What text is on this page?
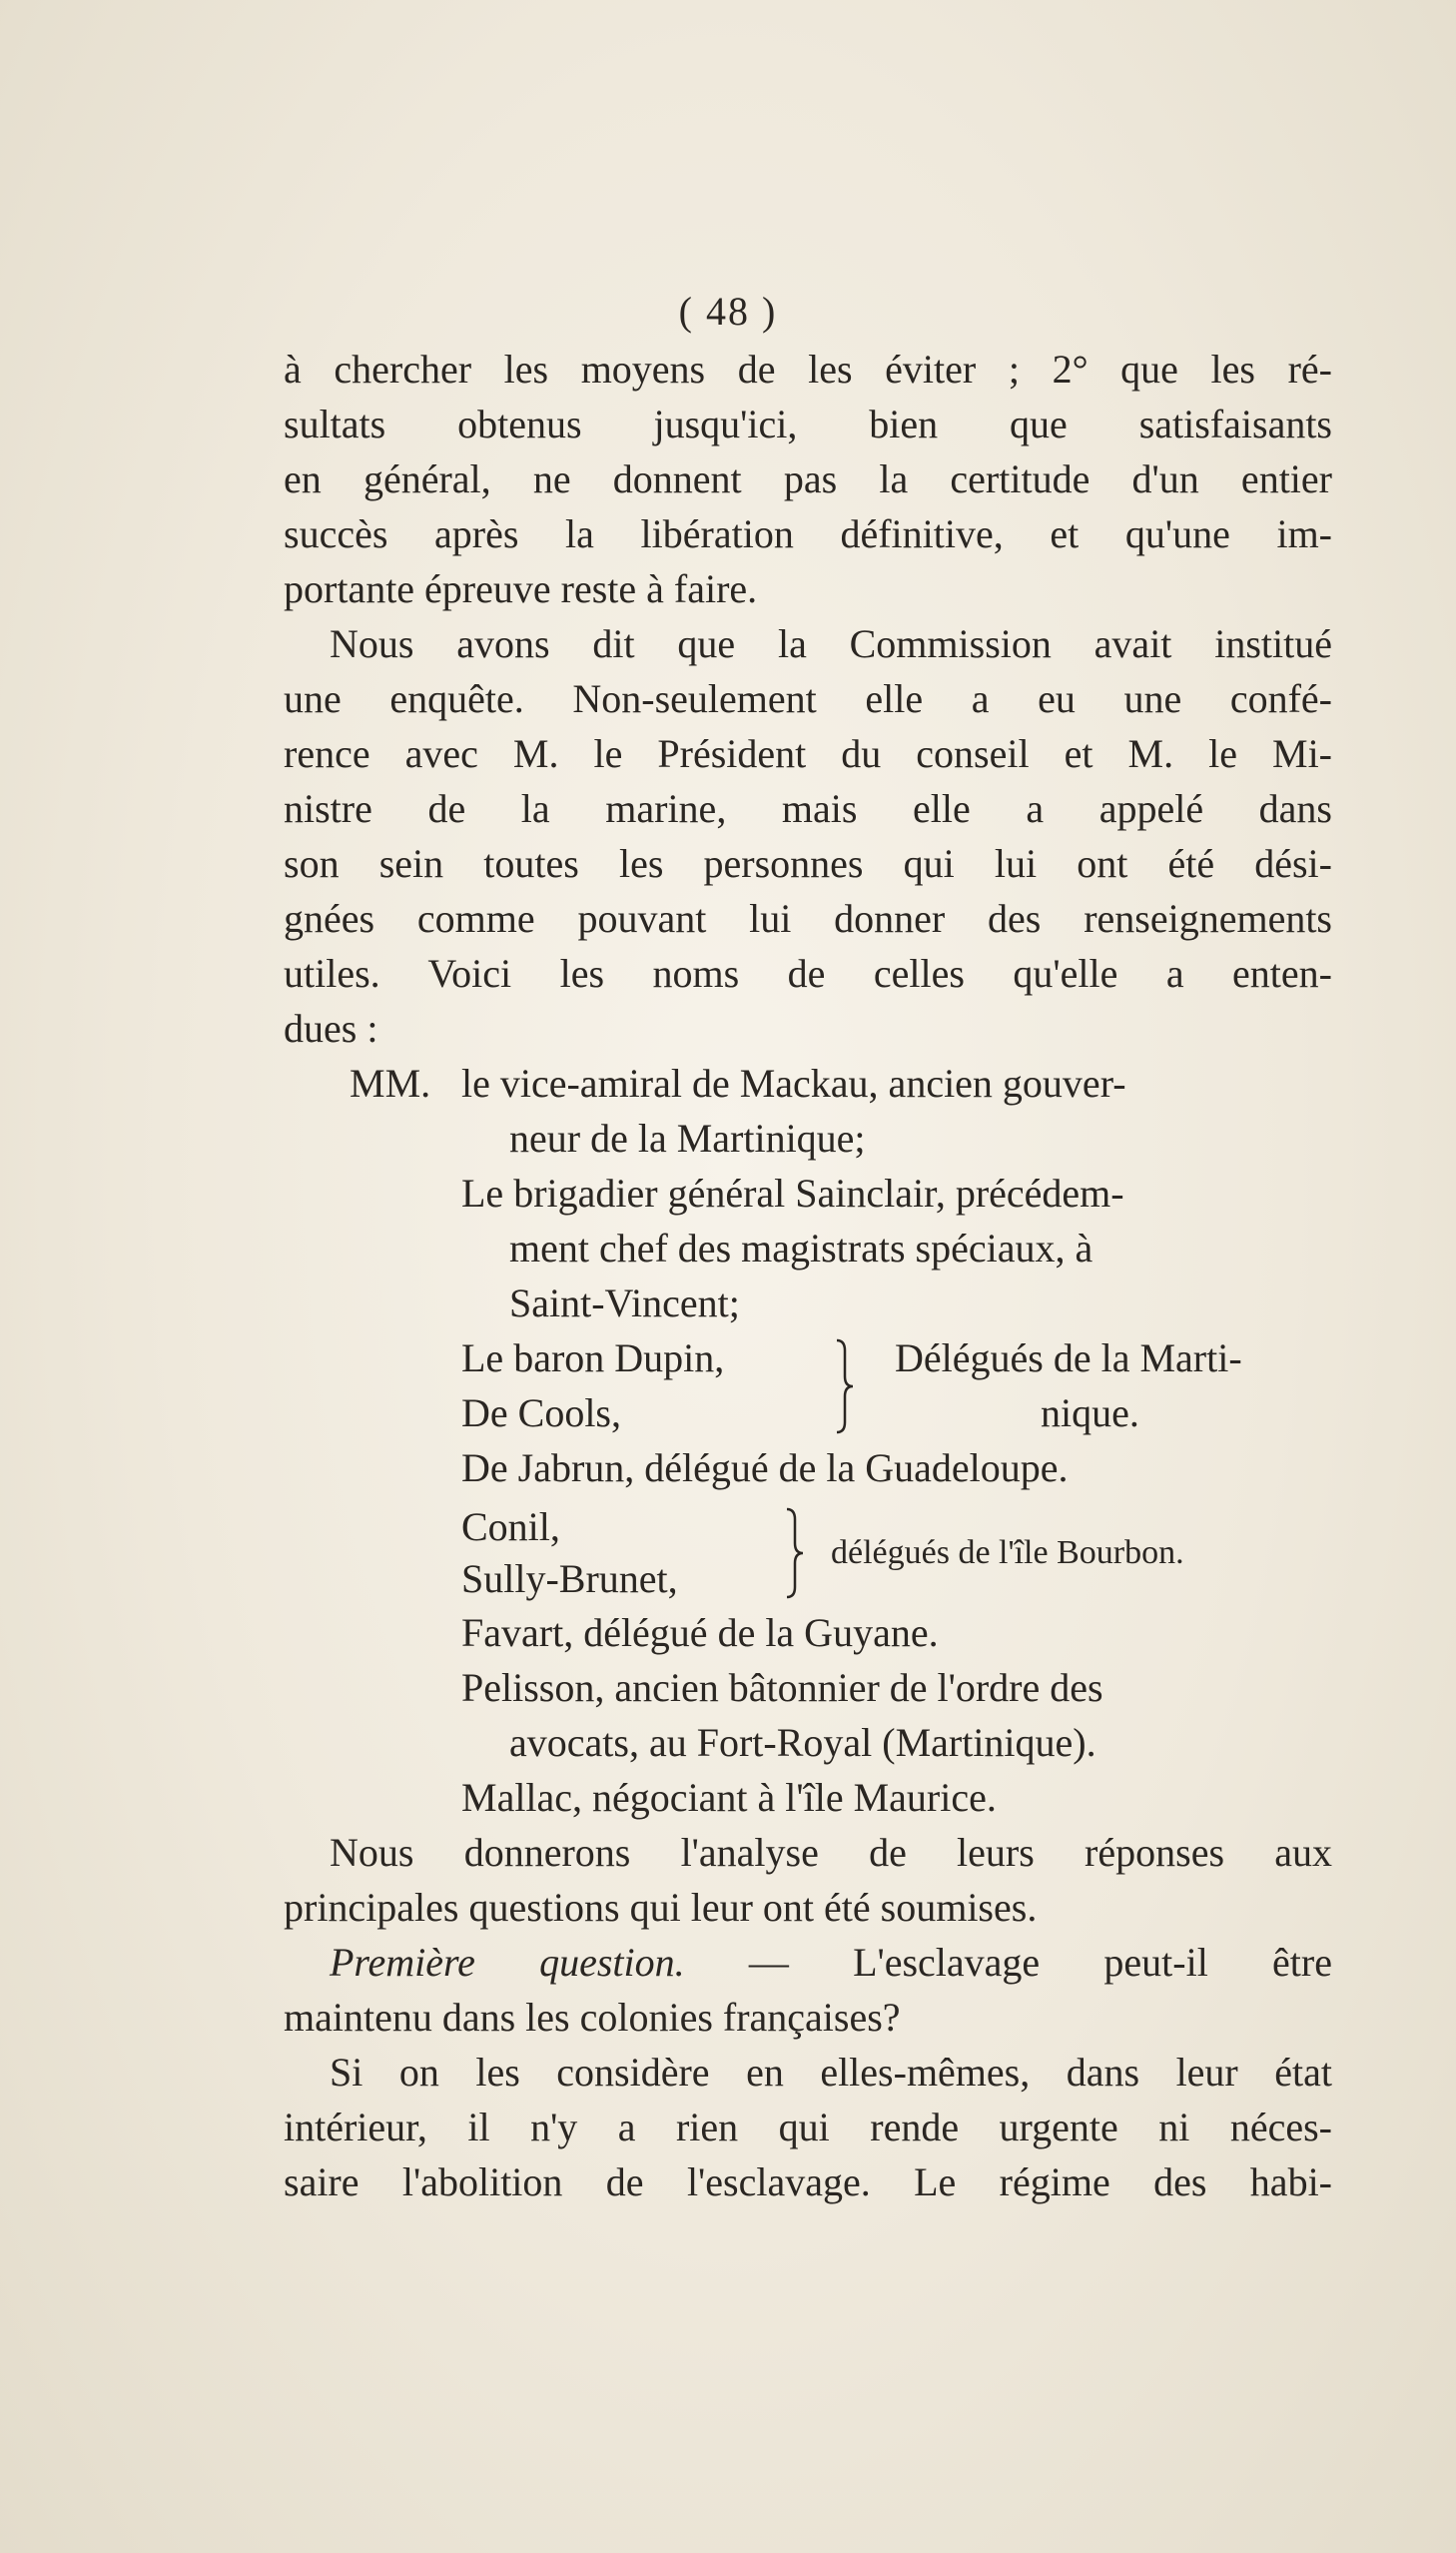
( 48 )
à chercher les moyens de les éviter ; 2° que les ré-
sultats obtenus jusqu'ici, bien que satisfaisants
en général, ne donnent pas la certitude d'un entier
succès après la libération définitive, et qu'une im-
portante épreuve reste à faire.
Nous avons dit que la Commission avait institué
une enquête. Non-seulement elle a eu une confé-
rence avec M. le Président du conseil et M. le Mi-
nistre de la marine, mais elle a appelé dans
son sein toutes les personnes qui lui ont été dési-
gnées comme pouvant lui donner des renseignements
utiles. Voici les noms de celles qu'elle a enten-
dues :
MM. le vice-amiral de Mackau, ancien gouver-
neur de la Martinique;
Le brigadier général Sainclair, précédem-
ment chef des magistrats spéciaux, à
Saint-Vincent;
Le baron Dupin,
De Cools,
Délégués de la Marti-
nique.
De Jabrun, délégué de la Guadeloupe.
Conil,
Sully-Brunet,
délégués de l'île Bourbon.
Favart, délégué de la Guyane.
Pelisson, ancien bâtonnier de l'ordre des
avocats, au Fort-Royal (Martinique).
Mallac, négociant à l'île Maurice.
Nous donnerons l'analyse de leurs réponses aux
principales questions qui leur ont été soumises.
Première question. — L'esclavage peut-il être
maintenu dans les colonies françaises?
Si on les considère en elles-mêmes, dans leur état
intérieur, il n'y a rien qui rende urgente ni néces-
saire l'abolition de l'esclavage. Le régime des habi-
